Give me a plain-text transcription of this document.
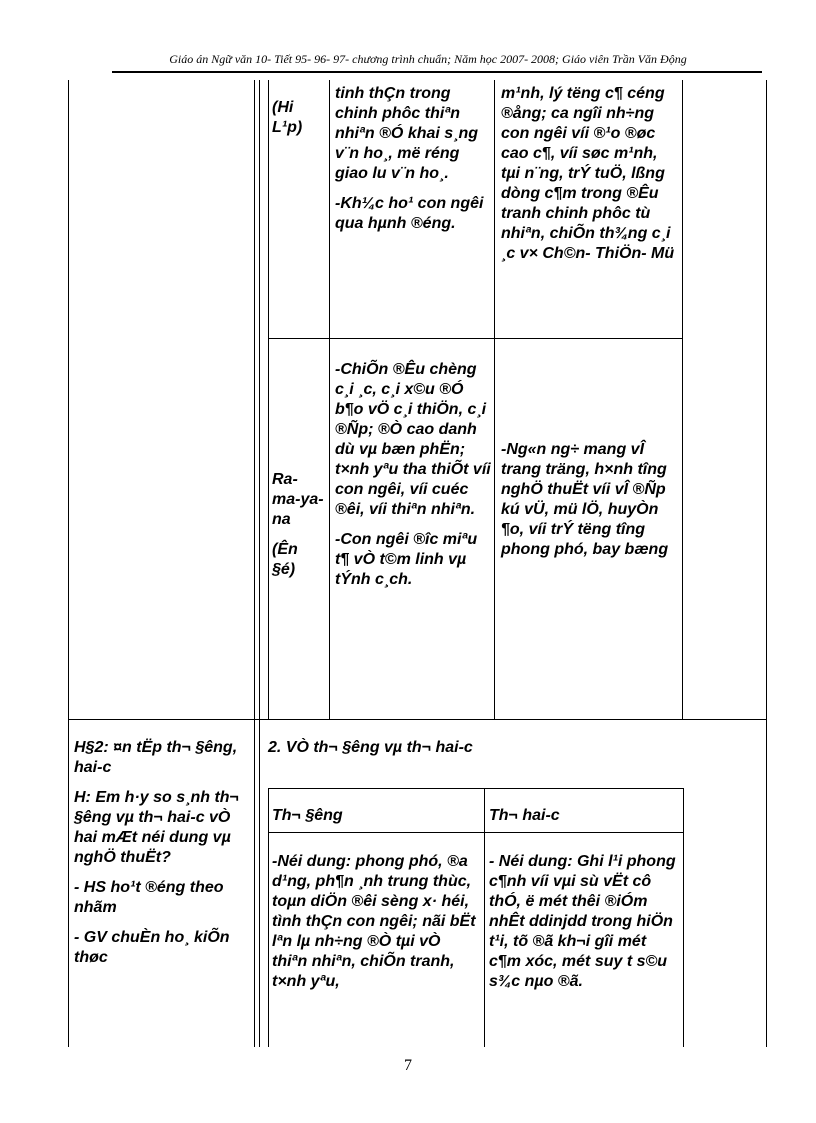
Giáo án Ngữ văn 10- Tiết 95- 96- 97- chương trình chuẩn; Năm học 2007- 2008; Giáo viên Trần Văn Động

(Hi L¹p)

tinh thÇn trong chinh phôc thiªn nhiªn ®Ó khai s¸ng v¨n ho¸, më réng giao lu v¨n ho¸.

-Kh¼c ho¹ con ngêi qua hµnh ®éng.

m¹nh, lý tëng c¶ céng ®ång; ca ngîi nh÷ng con ngêi víi ®¹o ®øc cao c¶, víi søc m¹nh, tµi n¨ng, trÝ tuÖ, lßng dòng c¶m trong ®Êu tranh chinh phôc tù nhiªn, chiÕn th¾ng c¸i ¸c v× Ch©n- ThiÖn- Mü

Ra-ma-ya-na

(Ên §é)

-ChiÕn ®Êu chèng c¸i ¸c, c¸i x©u ®Ó b¶o vÖ c¸i thiÖn, c¸i ®Ñp; ®Ò cao danh dù vµ bæn phËn; t×nh yªu tha thiÕt víi con ngêi, víi cuéc ®êi, víi thiªn nhiªn.

-Con ngêi ®îc miªu t¶ vÒ t©m linh vµ tÝnh c¸ch.

-Ng«n ng÷ mang vÎ trang träng, h×nh tîng nghÖ thuËt víi vÎ ®Ñp kú vÜ, mü lÖ, huyÒn ¶o, víi trÝ tëng tîng phong phó, bay bæng

H§2: ¤n tËp th¬ §êng, hai-c

H: Em h·y so s¸nh th¬ §êng vµ th¬ hai-c vÒ hai mÆt néi dung vµ nghÖ thuËt?

- HS ho¹t ®éng theo nhãm

- GV chuÈn ho¸ kiÕn thøc

2. VÒ th¬ §êng vµ th¬ hai-c
Th¬ §êng	Th¬ hai-c
-Néi dung: phong phó, ®a d¹ng, ph¶n ¸nh trung thùc, toµn diÖn ®êi sèng x· héi, tình thÇn con ngêi; nãi bËt lªn lµ nh÷ng ®Ò tµi vÒ thiªn nhiªn, chiÕn tranh, t×nh yªu,
- Néi dung: Ghi l¹i phong c¶nh víi vµi sù vËt cô thÓ, ë mét thêi ®iÓm nhÊt ddinjdd trong hiÖn t¹i, tõ ®ã kh¬i gîi mét c¶m xóc, mét suy t s©u s¾c nµo ®ã.
7
